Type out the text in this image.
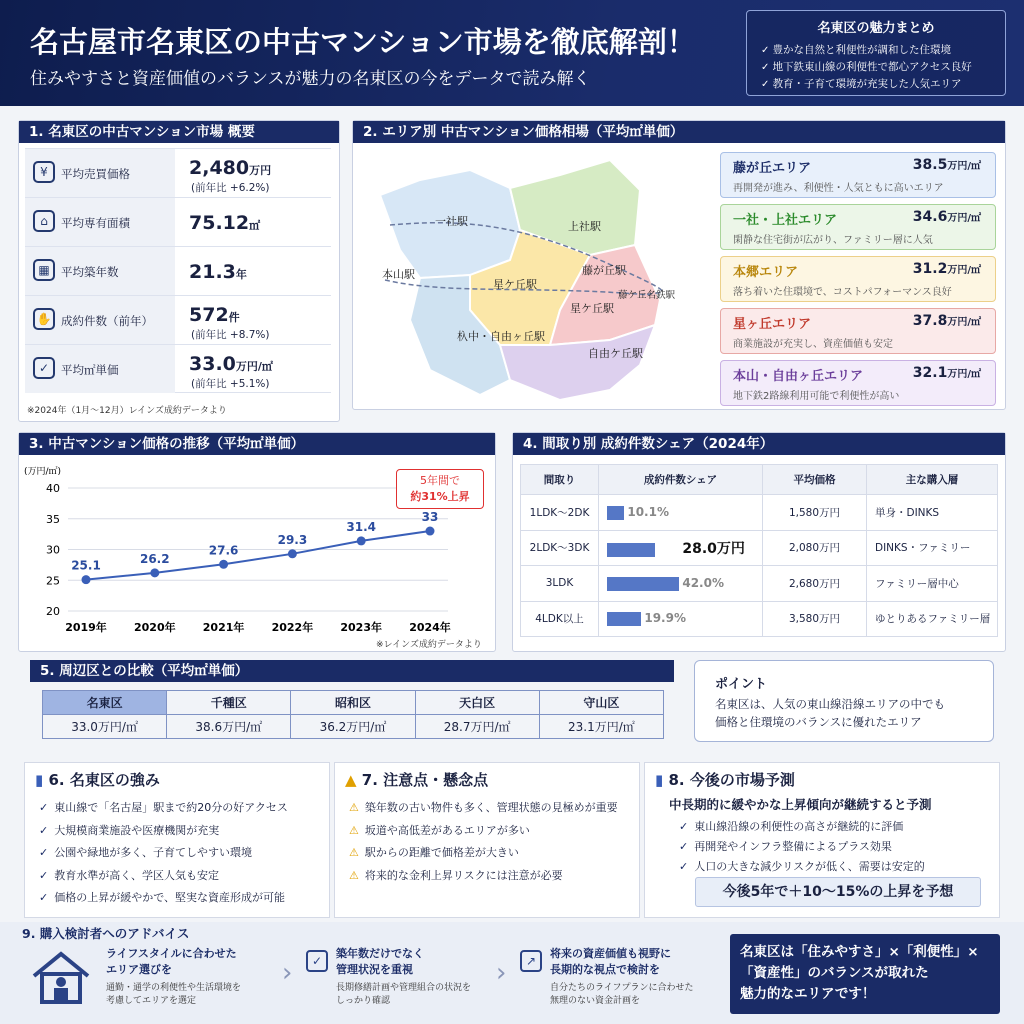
名古屋市名東区の中古マンション市場を徹底解剖！
住みやすさと資産価値のバランスが魅力の名東区の今をデータで読み解く
名東区の魅力まとめ
✓ 豊かな自然と利便性が調和した住環境
✓ 地下鉄東山線の利便性で都心アクセス良好
✓ 教育・子育て環境が充実した人気エリア
1. 名東区の中古マンション市場 概要
¥	平均売買価格	2,480万円
(前年比 +6.2%)
⌂	平均専有面積	75.12㎡
▦ 平均築年数	21.3年
✋ 成約件数（前年）	572件
(前年比 +8.7%)
✓	平均㎡単価	33.0万円/㎡
(前年比 +5.1%)
※2024年（1月〜12月）レインズ成約データより
2. エリア別 中古マンション価格相場（平均㎡単価）
一社駅	上社駅
本山駅	藤が丘駅
星ケ丘駅
星ケ丘駅
杁中・自由ヶ丘駅
自由ケ丘駅
藤ケ丘名鉄駅
藤が丘エリア	38.5万円/㎡
再開発が進み、利便性・人気ともに高いエリア
一社・上社エリア	34.6万円/㎡
閑静な住宅街が広がり、ファミリー層に人気
本郷エリア	31.2万円/㎡
落ち着いた住環境で、コストパフォーマンス良好
星ヶ丘エリア	37.8万円/㎡
商業施設が充実し、資産価値も安定
本山・自由ヶ丘エリア	32.1万円/㎡
地下鉄2路線利用可能で利便性が高い
3. 中古マンション価格の推移（平均㎡単価）
(万円/㎡)
20
25
30
35
40
25.1
2019年
26.2
2020年
27.6
2021年
29.3
2022年
31.4
2023年
33
2024年
5年間で
約31%上昇
※レインズ成約データより
4. 間取り別 成約件数シェア（2024年）
間取り	成約件数シェア	平均価格	主な購入層
1LDK〜2DK	10.1%	1,580万円	単身・DINKS
2LDK〜3DK	28.0万円	2,080万円	DINKS・ファミリー
3LDK	42.0%	2,680万円	ファミリー層中心
4LDK以上	19.9%	3,580万円	ゆとりあるファミリー層
5. 周辺区との比較（平均㎡単価）
名東区	千種区	昭和区	天白区	守山区
33.0万円/㎡	38.6万円/㎡	36.2万円/㎡	28.7万円/㎡	23.1万円/㎡
ポイント
名東区は、人気の東山線沿線エリアの中でも
価格と住環境のバランスに優れたエリア
▮ 6. 名東区の強み
✓ 東山線で「名古屋」駅まで約20分の好アクセス
✓ 大規模商業施設や医療機関が充実
✓ 公園や緑地が多く、子育てしやすい環境
✓ 教育水準が高く、学区人気も安定
✓ 価格の上昇が緩やかで、堅実な資産形成が可能
▲ 7. 注意点・懸念点
⚠ 築年数の古い物件も多く、管理状態の見極めが重要
⚠ 坂道や高低差があるエリアが多い
⚠ 駅からの距離で価格差が大きい
⚠ 将来的な金利上昇リスクには注意が必要
▮ 8. 今後の市場予測
中長期的に緩やかな上昇傾向が継続すると予測
✓ 東山線沿線の利便性の高さが継続的に評価
✓ 再開発やインフラ整備によるプラス効果
✓ 人口の大きな減少リスクが低く、需要は安定的
今後5年で＋10〜15%の上昇を予想
9. 購入検討者へのアドバイス
ライフスタイルに合わせた
エリア選びを
通勤・通学の利便性や生活環境を
考慮してエリアを選定
›	✓
築年数だけでなく
管理状況を重視
長期修繕計画や管理組合の状況を
しっかり確認
›	↗
将来の資産価値も視野に
長期的な視点で検討を
自分たちのライフプランに合わせた
無理のない資金計画を
名東区は「住みやすさ」×「利便性」×
「資産性」のバランスが取れた
魅力的なエリアです！
